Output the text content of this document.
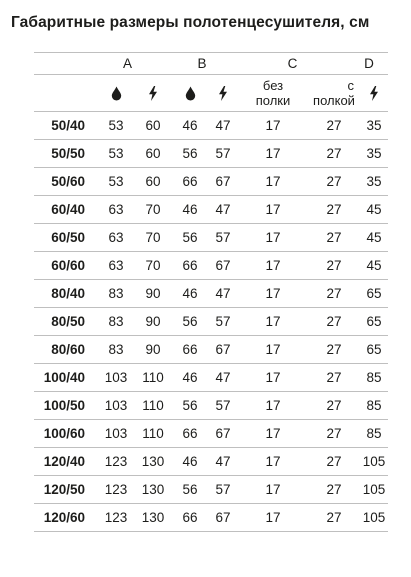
Габаритные размеры полотенцесушителя, см
A	B	C	D
без
полки
с
полкой
50/40	53	60	46	47	17	27	35
50/50	53	60	56	57	17	27	35
50/60	53	60	66	67	17	27	35
60/40	63	70	46	47	17	27	45
60/50	63	70	56	57	17	27	45
60/60	63	70	66	67	17	27	45
80/40	83	90	46	47	17	27	65
80/50	83	90	56	57	17	27	65
80/60	83	90	66	67	17	27	65
100/40	103	110	46	47	17	27	85
100/50	103	110	56	57	17	27	85
100/60	103	110	66	67	17	27	85
120/40	123	130	46	47	17	27	105
120/50	123	130	56	57	17	27	105
120/60	123	130	66	67	17	27	105
